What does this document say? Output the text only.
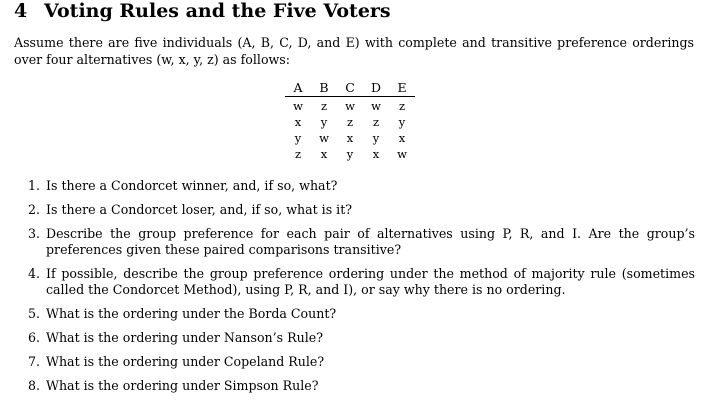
4 Voting Rules and the Five Voters
Assume there are five individuals (A, B, C, D, and E) with complete and transitive preference orderings over four alternatives (w, x, y, z) as follows:
A	B	C	D	E
w	z	w	w	z
x	y	z	z	y
y	w	x	y	x
z	x	y	x	w
1. Is there a Condorcet winner, and, if so, what?
2. Is there a Condorcet loser, and, if so, what is it?
3. Describe the group preference for each pair of alternatives using P, R, and I. Are the group’s preferences given these paired comparisons transitive?
4. If possible, describe the group preference ordering under the method of majority rule (sometimes called the Condorcet Method), using P, R, and I), or say why there is no ordering.
5. What is the ordering under the Borda Count?
6. What is the ordering under Nanson’s Rule?
7. What is the ordering under Copeland Rule?
8. What is the ordering under Simpson Rule?
